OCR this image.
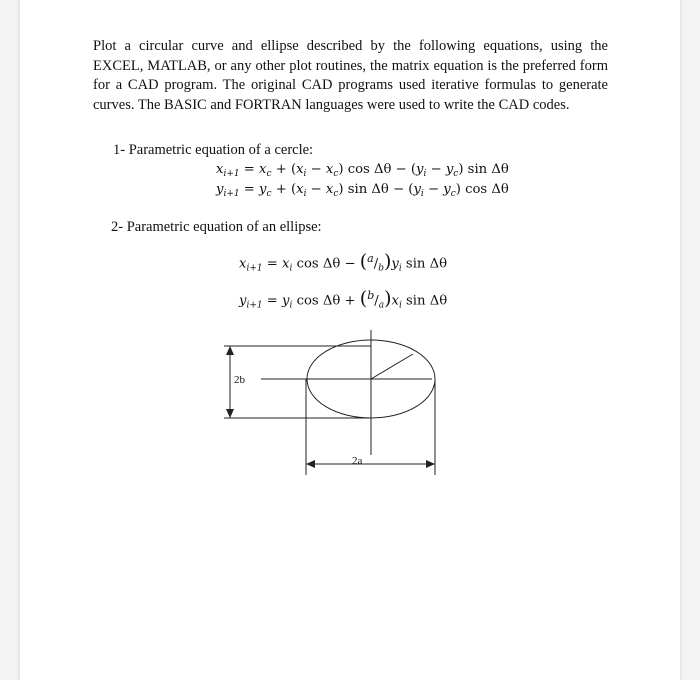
Plot a circular curve and ellipse described by the following equations, using the EXCEL, MATLAB, or any other plot routines, the matrix equation is the preferred form for a CAD program. The original CAD programs used iterative formulas to generate curves. The BASIC and FORTRAN languages were used to write the CAD codes.
1- Parametric equation of a cercle:
$x_{i+1} = x_c + (x_i - x_c)$ $\cos \Delta\theta - (y_i - y_c)$ sin Δθ
$y_{i+1} = y_c + (x_i - x_c)$ $\sin \Delta\theta - (y_i - y_c)$ cos Δθ
2- Parametric equation of an ellipse:
$x_{i+1} = x_i$ $\cos \Delta\theta - (^a/_b)y_i$ sin Δθ
$y_{i+1} = y_i$ $\cos \Delta\theta + (^b/_a)x_i$ sin Δθ
2b
2a
